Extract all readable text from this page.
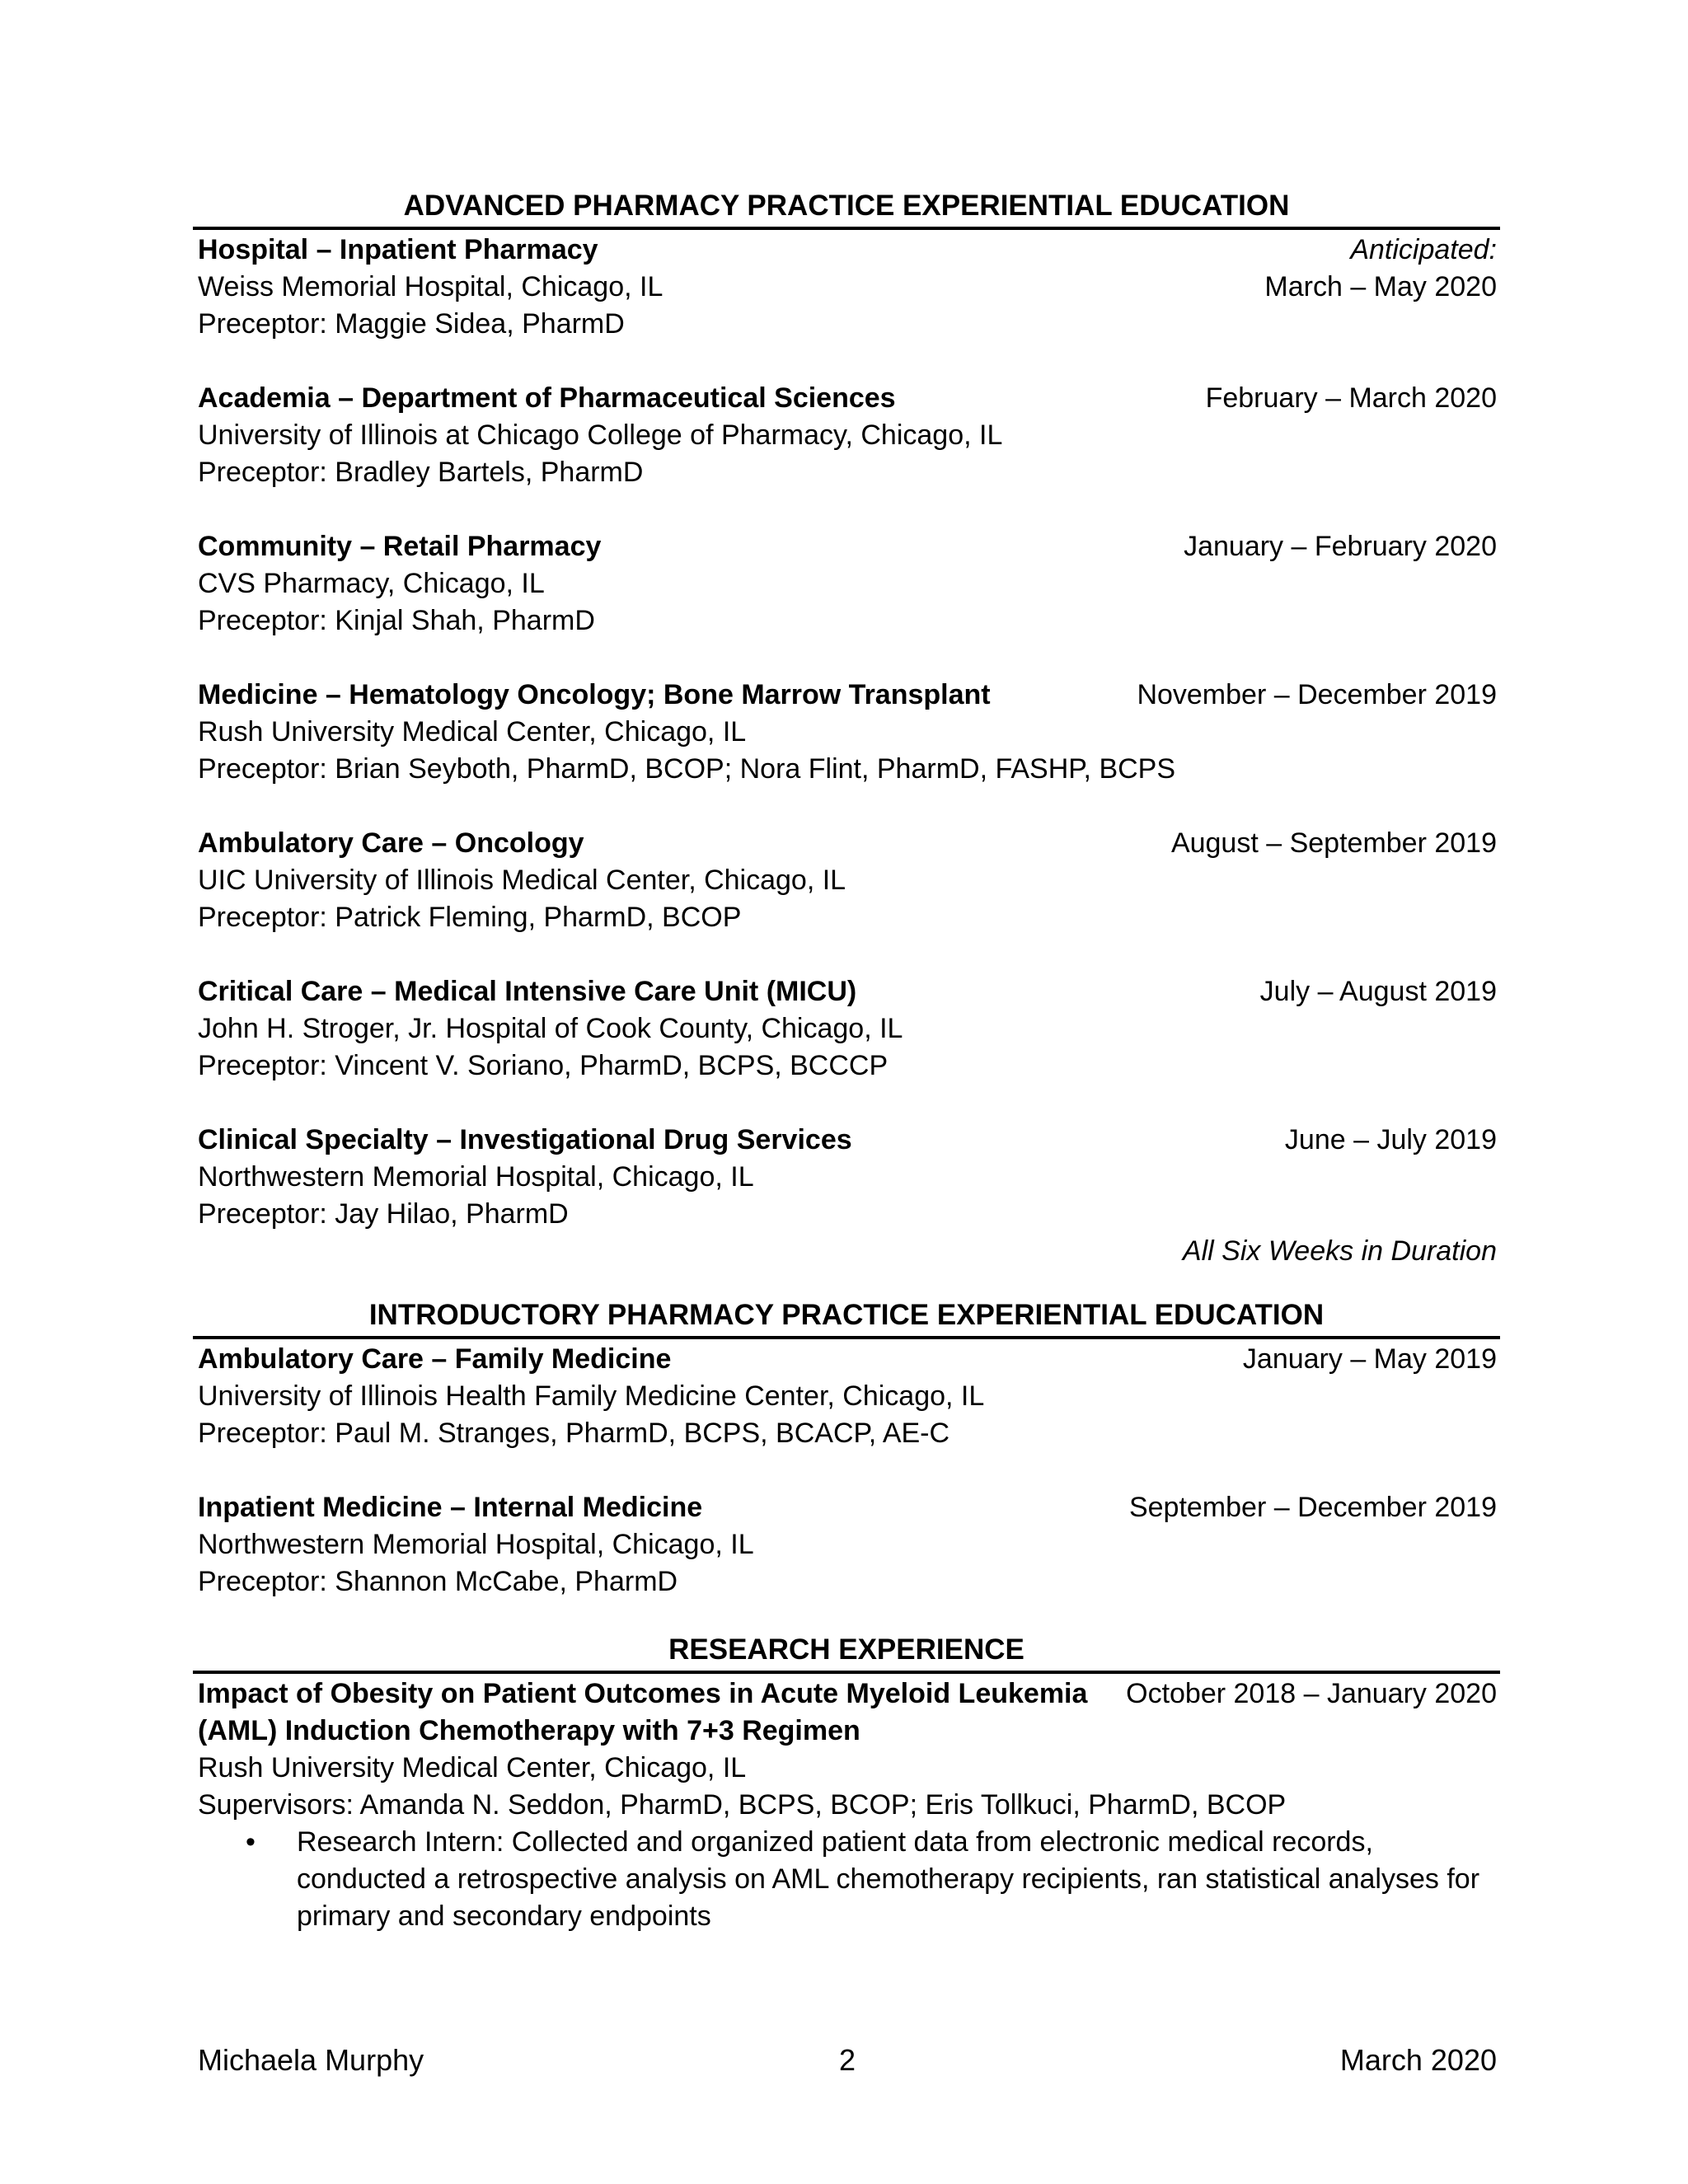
ADVANCED PHARMACY PRACTICE EXPERIENTIAL EDUCATION
Hospital – Inpatient Pharmacy	Anticipated:
Weiss Memorial Hospital, Chicago, IL	March – May 2020
Preceptor: Maggie Sidea, PharmD
Academia – Department of Pharmaceutical Sciences	February – March 2020
University of Illinois at Chicago College of Pharmacy, Chicago, IL
Preceptor: Bradley Bartels, PharmD
Community – Retail Pharmacy	January – February 2020
CVS Pharmacy, Chicago, IL
Preceptor: Kinjal Shah, PharmD
Medicine – Hematology Oncology; Bone Marrow Transplant	November – December 2019
Rush University Medical Center, Chicago, IL
Preceptor: Brian Seyboth, PharmD, BCOP; Nora Flint, PharmD, FASHP, BCPS
Ambulatory Care – Oncology	August – September 2019
UIC University of Illinois Medical Center, Chicago, IL
Preceptor: Patrick Fleming, PharmD, BCOP
Critical Care – Medical Intensive Care Unit (MICU)	July – August 2019
John H. Stroger, Jr. Hospital of Cook County, Chicago, IL
Preceptor: Vincent V. Soriano, PharmD, BCPS, BCCCP
Clinical Specialty – Investigational Drug Services	June – July 2019
Northwestern Memorial Hospital, Chicago, IL
Preceptor: Jay Hilao, PharmD
All Six Weeks in Duration
INTRODUCTORY PHARMACY PRACTICE EXPERIENTIAL EDUCATION
Ambulatory Care – Family Medicine	January – May 2019
University of Illinois Health Family Medicine Center, Chicago, IL
Preceptor: Paul M. Stranges, PharmD, BCPS, BCACP, AE-C
Inpatient Medicine – Internal Medicine	September – December 2019
Northwestern Memorial Hospital, Chicago, IL
Preceptor: Shannon McCabe, PharmD
RESEARCH EXPERIENCE
Impact of Obesity on Patient Outcomes in Acute Myeloid Leukemia	October 2018 – January 2020
(AML) Induction Chemotherapy with 7+3 Regimen
Rush University Medical Center, Chicago, IL
Supervisors: Amanda N. Seddon, PharmD, BCPS, BCOP; Eris Tollkuci, PharmD, BCOP
• Research Intern: Collected and organized patient data from electronic medical records, conducted a retrospective analysis on AML chemotherapy recipients, ran statistical analyses for primary and secondary endpoints
Michaela Murphy	2	March 2020
